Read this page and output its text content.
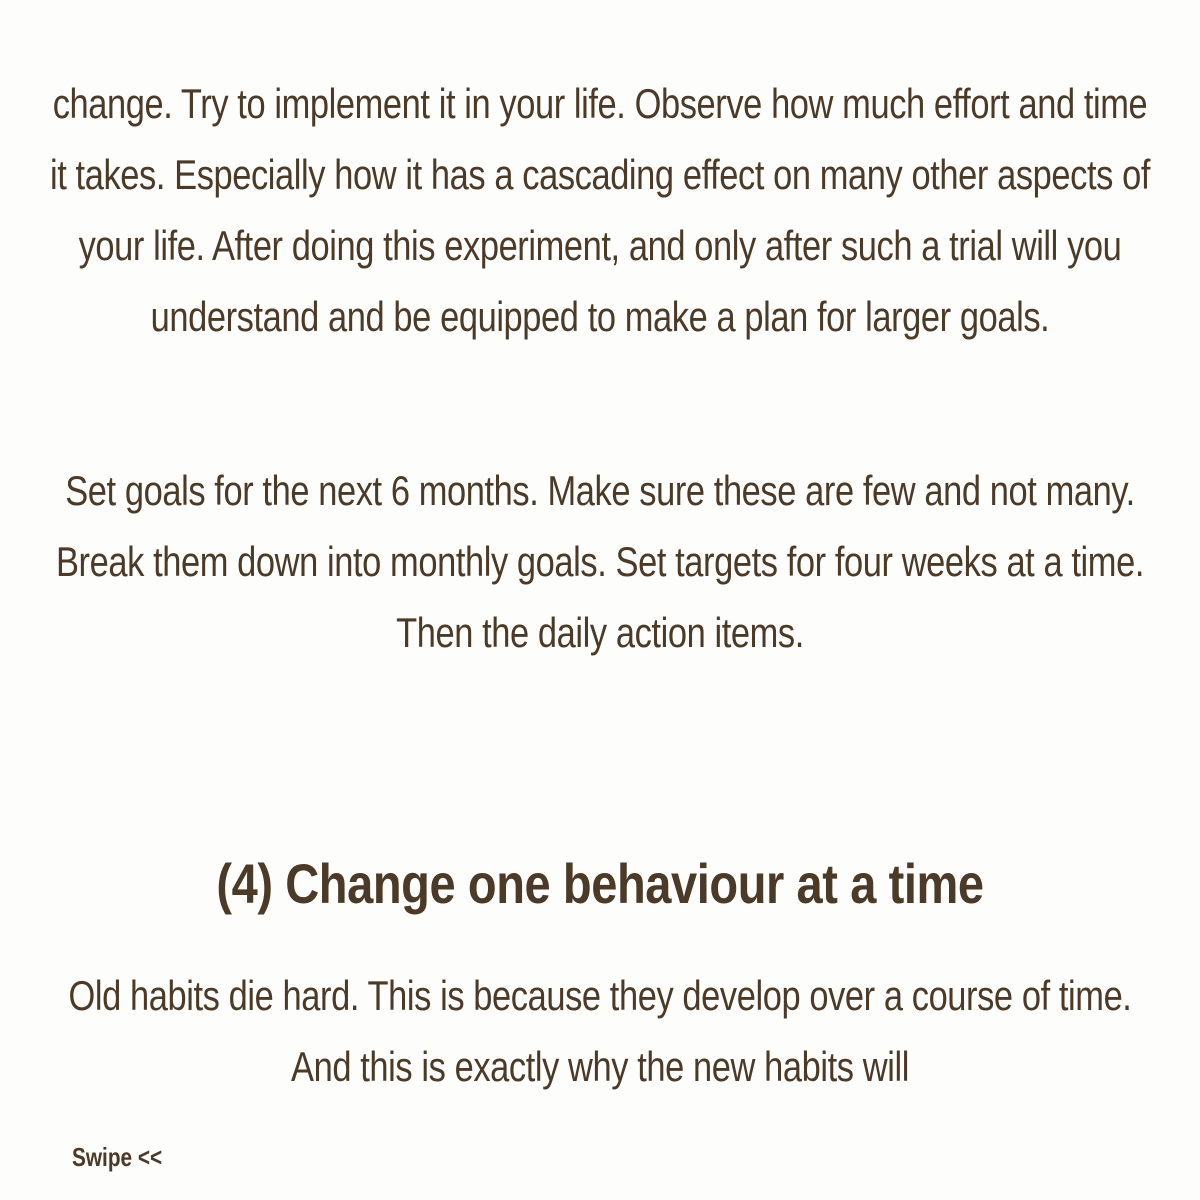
change. Try to implement it in your life. Observe how much effort and time it takes. Especially how it has a cascading effect on many other aspects of your life. After doing this experiment, and only after such a trial will you understand and be equipped to make a plan for larger goals.

Set goals for the next 6 months. Make sure these are few and not many. Break them down into monthly goals. Set targets for four weeks at a time. Then the daily action items.

(4) Change one behaviour at a time

Old habits die hard. This is because they develop over a course of time. And this is exactly why the new habits will

Swipe <<
